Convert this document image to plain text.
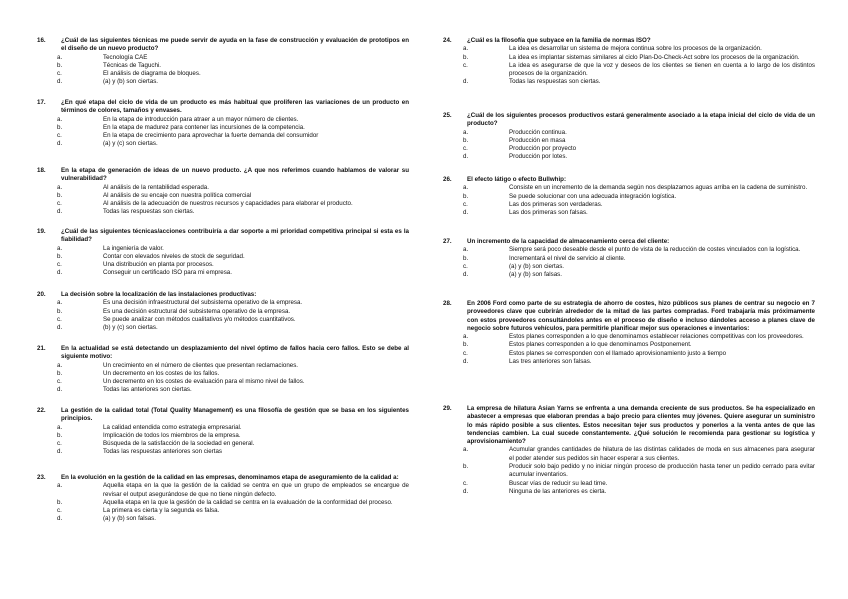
16. ¿Cuál de las siguientes técnicas me puede servir de ayuda en la fase de construcción y evaluación de prototipos en el diseño de un nuevo producto?
a.	Tecnología CAE
b.	Técnicas de Taguchi.
c.	El análisis de diagrama de bloques.
d.	(a) y (b) son ciertas.
17. ¿En qué etapa del ciclo de vida de un producto es más habitual que proliferen las variaciones de un producto en términos de colores, tamaños y envases.
a.	En la etapa de introducción para atraer a un mayor número de clientes.
b.	En la etapa de madurez para contener las incursiones de la competencia.
c.	En la etapa de crecimiento para aprovechar la fuerte demanda del consumidor
d.	(a) y (c) son ciertas.
18. En la etapa de generación de ideas de un nuevo producto. ¿A que nos referimos cuando hablamos de valorar su vulnerabilidad?
a.	Al análisis de la rentabilidad esperada.
b.	Al análisis de su encaje con nuestra política comercial
c.	Al análisis de la adecuación de nuestros recursos y capacidades para elaborar el producto.
d.	Todas las respuestas son ciertas.
19. ¿Cuál de las siguientes técnicas/acciones contribuiría a dar soporte a mi prioridad competitiva principal si esta es la fiabilidad?
a.	La ingeniería de valor.
b.	Contar con elevados niveles de stock de seguridad.
c.	Una distribución en planta por procesos.
d.	Conseguir un certificado ISO para mi empresa.
20. La decisión sobre la localización de las instalaciones productivas:
a.	Es una decisión infraestructural del subsistema operativo de la empresa.
b.	Es una decisión estructural del subsistema operativo de la empresa.
c.	Se puede analizar con métodos cualitativos y/o métodos cuantitativos.
d.	(b) y (c) son ciertas.
21. En la actualidad se está detectando un desplazamiento del nivel óptimo de fallos hacia cero fallos. Esto se debe al siguiente motivo:
a.	Un crecimiento en el número de clientes que presentan reclamaciones.
b.	Un decremento en los costes de los fallos.
c.	Un decremento en los costes de evaluación para el mismo nivel de fallos.
d.	Todas las anteriores son ciertas.
22. La gestión de la calidad total (Total Quality Management) es una filosofía de gestión que se basa en los siguientes principios.
a.	La calidad entendida como estrategia empresarial.
b.	Implicación de todos los miembros de la empresa.
c.	Búsqueda de la satisfacción de la sociedad en general.
d.	Todas las respuestas anteriores son ciertas
23. En la evolución en la gestión de la calidad en las empresas, denominamos etapa de aseguramiento de la calidad a:
a.	Aquella etapa en la que la gestión de la calidad se centra en que un grupo de empleados se encargue de revisar el output asegurándose de que no tiene ningún defecto.
b.	Aquella etapa en la que la gestión de la calidad se centra en la evaluación de la conformidad del proceso.
c.	La primera es cierta y la segunda es falsa.
d.	(a) y (b) son falsas.
24. ¿Cuál es la filosofía que subyace en la familia de normas ISO?
a.	La idea es desarrollar un sistema de mejora continua sobre los procesos de la organización.
b.	La idea es implantar sistemas similares al ciclo Plan-Do-Check-Act sobre los procesos de la organización.
c.	La idea es asegurarse de que la voz y deseos de los clientes se tienen en cuenta a lo largo de los distintos procesos de la organización.
d.	Todas las respuestas son ciertas.
25. ¿Cuál de los siguientes procesos productivos estará generalmente asociado a la etapa inicial del ciclo de vida de un producto?
a.	Producción continua.
b.	Producción en masa
c.	Producción por proyecto
d.	Producción por lotes.
26. El efecto látigo o efecto Bullwhip:
a.	Consiste en un incremento de la demanda según nos desplazamos aguas arriba en la cadena de suministro.
b.	Se puede solucionar con una adecuada integración logística.
c.	Las dos primeras son verdaderas.
d.	Las dos primeras son falsas.
27. Un incremento de la capacidad de almacenamiento cerca del cliente:
a.	Siempre será poco deseable desde el punto de vista de la reducción de costes vinculados con la logística.
b.	Incrementará el nivel de servicio al cliente.
c.	(a) y (b) son ciertas.
d.	(a) y (b) son falsas.
28. En 2006 Ford como parte de su estrategia de ahorro de costes, hizo públicos sus planes de centrar su negocio en 7 proveedores clave que cubrirán alrededor de la mitad de las partes compradas. Ford trabajaría más próximamente con estos proveedores consultándoles antes en el proceso de diseño e incluso dándoles acceso a planes clave de negocio sobre futuros vehículos, para permitirle planificar mejor sus operaciones e inventarios:
a.	Estos planes corresponden a lo que denominamos establecer relaciones competitivas con los proveedores.
b.	Estos planes corresponden a lo que denominamos Postponement.
c.	Estos planes se corresponden con el llamado aprovisionamiento justo a tiempo
d.	Las tres anteriores son falsas.
29. La empresa de hilatura Asian Yarns se enfrenta a una demanda creciente de sus productos. Se ha especializado en abastecer a empresas que elaboran prendas a bajo precio para clientes muy jóvenes. Quiere asegurar un suministro lo más rápido posible a sus clientes. Estos necesitan tejer sus productos y ponerlos a la venta antes de que las tendencias cambien. La cual sucede constantemente. ¿Qué solución le recomienda para gestionar su logística y aprovisionamiento?
a.	Acumular grandes cantidades de hilatura de las distintas calidades de moda en sus almacenes para asegurar el poder atender sus pedidos sin hacer esperar a sus clientes.
b.	Producir solo bajo pedido y no iniciar ningún proceso de producción hasta tener un pedido cerrado para evitar acumular inventarios.
c.	Buscar vías de reducir su lead time.
d.	Ninguna de las anteriores es cierta.
